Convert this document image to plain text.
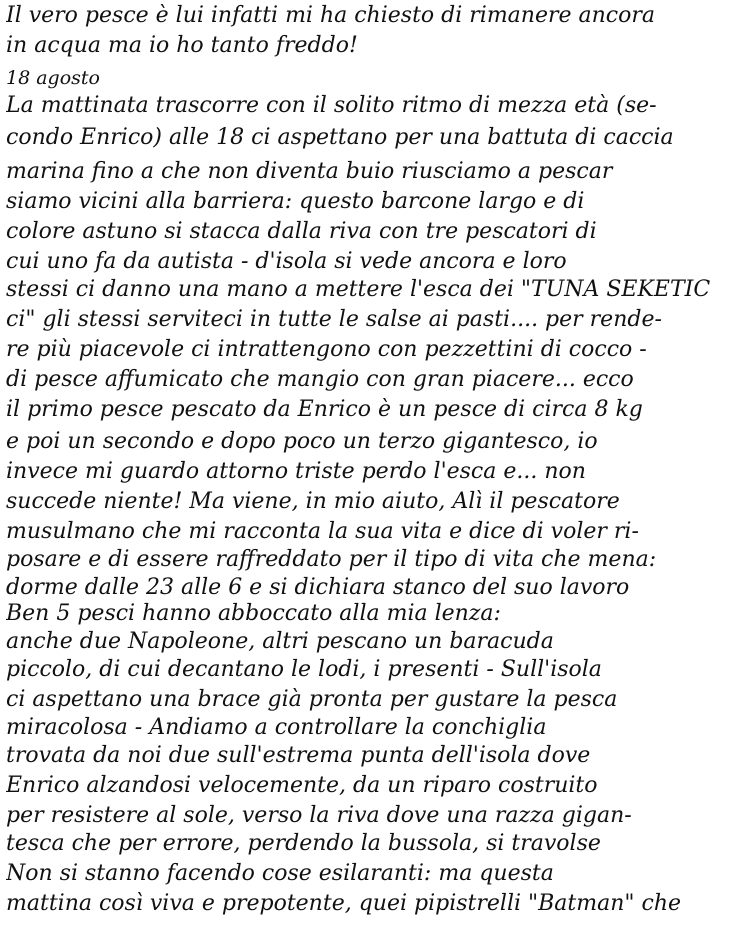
Il vero pesce è lui infatti mi ha chiesto di rimanere ancora
in acqua ma io ho tanto freddo!
18 agosto
La mattinata trascorre con il solito ritmo di mezza età (se-
condo Enrico) alle 18 ci aspettano per una battuta di caccia
marina fino a che non diventa buio riusciamo a pescar
siamo vicini alla barriera: questo barcone largo e di
colore astuno si stacca dalla riva con tre pescatori di
cui uno fa da autista - d'isola si vede ancora e loro
stessi ci danno una mano a mettere l'esca dei "TUNA SEKETIC
ci" gli stessi serviteci in tutte le salse ai pasti.... per rende-
re più piacevole ci intrattengono con pezzettini di cocco -
di pesce affumicato che mangio con gran piacere... ecco
il primo pesce pescato da Enrico è un pesce di circa 8 kg
e poi un secondo e dopo poco un terzo gigantesco, io
invece mi guardo attorno triste perdo l'esca e... non
succede niente! Ma viene, in mio aiuto, Alì il pescatore
musulmano che mi racconta la sua vita e dice di voler ri-
posare e di essere raffreddato per il tipo di vita che mena:
dorme dalle 23 alle 6 e si dichiara stanco del suo lavoro
Ben 5 pesci hanno abboccato alla mia lenza:
anche due Napoleone, altri pescano un baracuda
piccolo, di cui decantano le lodi, i presenti - Sull'isola
ci aspettano una brace già pronta per gustare la pesca
miracolosa - Andiamo a controllare la conchiglia
trovata da noi due sull'estrema punta dell'isola dove
Enrico alzandosi velocemente, da un riparo costruito
per resistere al sole, verso la riva dove una razza gigan-
tesca che per errore, perdendo la bussola, si travolse
Non si stanno facendo cose esilaranti: ma questa
mattina così viva e prepotente, quei pipistrelli "Batman" che
